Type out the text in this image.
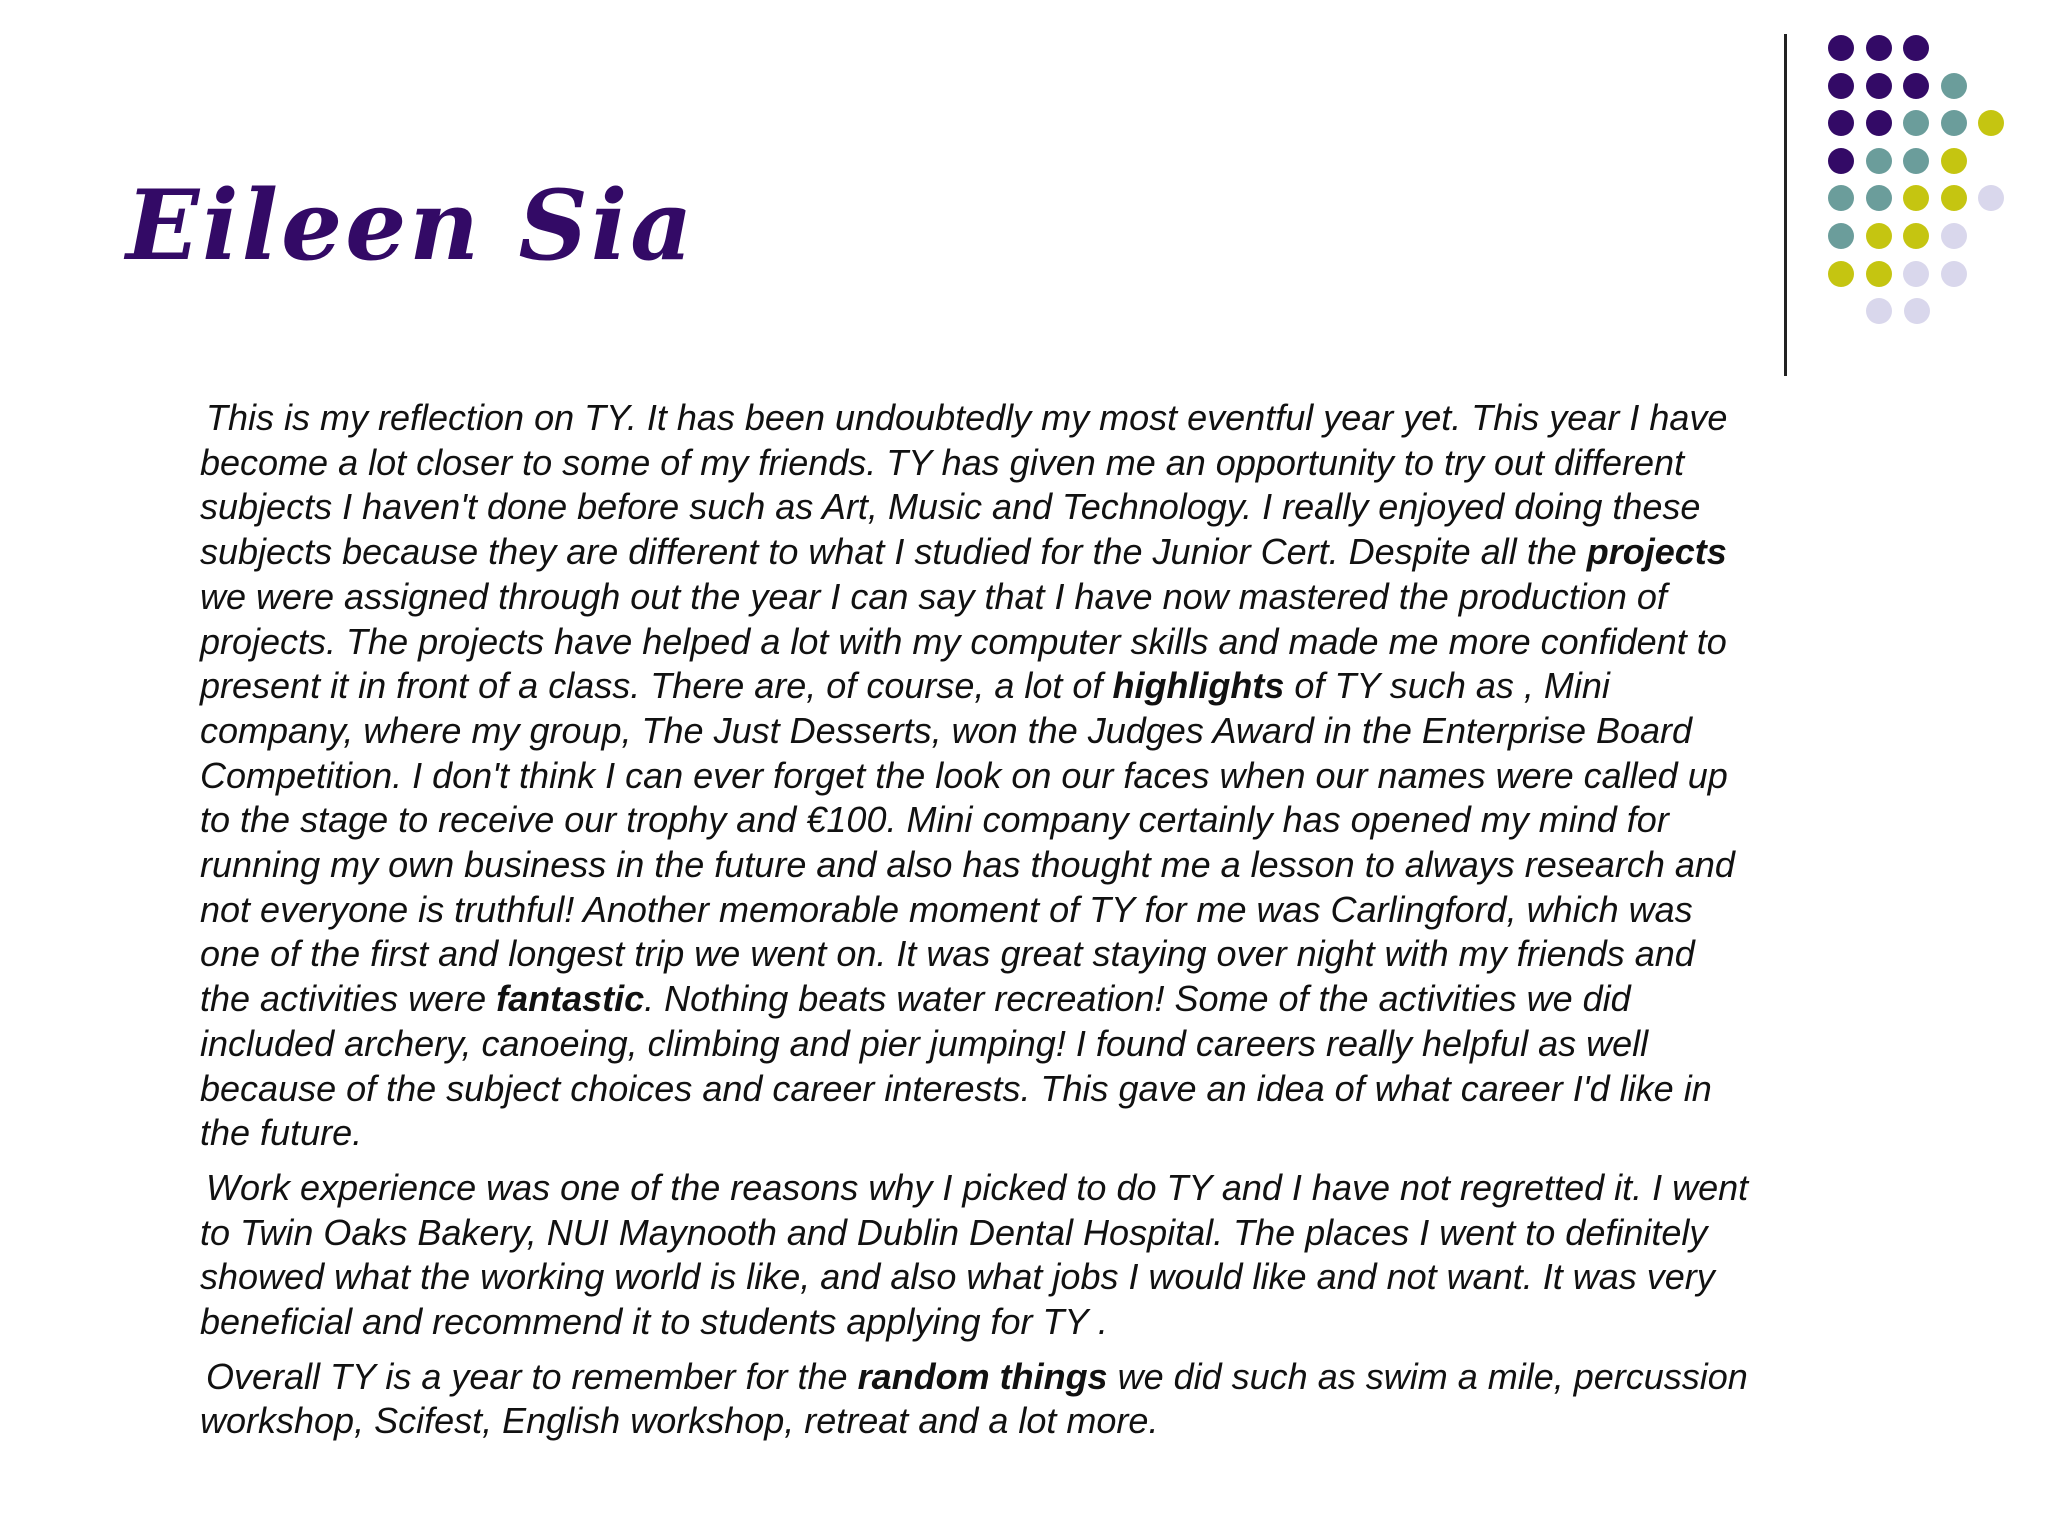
Eileen Sia
This is my reflection on TY. It has been undoubtedly my most eventful year yet. This year I have
become a lot closer to some of my friends. TY has given me an opportunity to try out different
subjects I haven't done before such as Art, Music and Technology. I really enjoyed doing these
subjects because they are different to what I studied for the Junior Cert. Despite all the projects
we were assigned through out the year I can say that I have now mastered the production of
projects. The projects have helped a lot with my computer skills and made me more confident to
present it in front of a class. There are, of course, a lot of highlights of TY such as , Mini
company, where my group, The Just Desserts, won the Judges Award in the Enterprise Board
Competition. I don't think I can ever forget the look on our faces when our names were called up
to the stage to receive our trophy and €100. Mini company certainly has opened my mind for
running my own business in the future and also has thought me a lesson to always research and
not everyone is truthful! Another memorable moment of TY for me was Carlingford, which was
one of the first and longest trip we went on. It was great staying over night with my friends and
the activities were fantastic. Nothing beats water recreation! Some of the activities we did
included archery, canoeing, climbing and pier jumping! I found careers really helpful as well
because of the subject choices and career interests. This gave an idea of what career I'd like in
the future.
Work experience was one of the reasons why I picked to do TY and I have not regretted it. I went
to Twin Oaks Bakery, NUI Maynooth and Dublin Dental Hospital. The places I went to definitely
showed what the working world is like, and also what jobs I would like and not want. It was very
beneficial and recommend it to students applying for TY .
Overall TY is a year to remember for the random things we did such as swim a mile, percussion
workshop, Scifest, English workshop, retreat and a lot more.
